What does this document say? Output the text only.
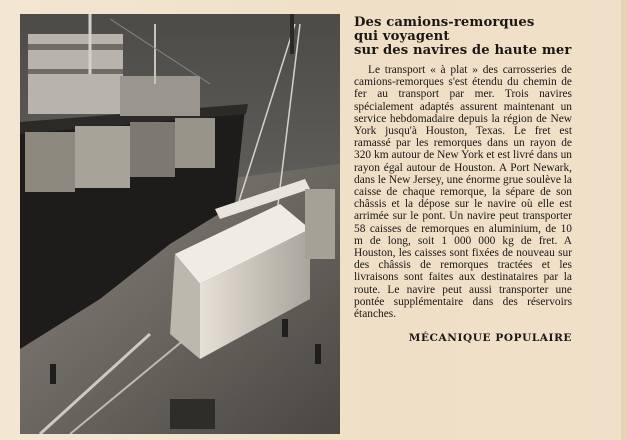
Des camions-remorques
qui voyagent
sur des navires de haute mer

Le transport « à plat » des carrosseries de camions-remorques s'est étendu du chemin de fer au transport par mer. Trois navires spécialement adaptés assurent maintenant un service hebdomadaire depuis la région de New York jusqu'à Houston, Texas. Le fret est ramassé par les remorques dans un rayon de 320 km autour de New York et est livré dans un rayon égal autour de Houston. A Port Newark, dans le New Jersey, une énorme grue soulève la caisse de chaque remorque, la sépare de son châssis et la dépose sur le navire où elle est arrimée sur le pont. Un navire peut transporter 58 caisses de remorques en aluminium, de 10 m de long, soit 1 000 000 kg de fret. A Houston, les caisses sont fixées de nouveau sur des châssis de remorques tractées et les livraisons sont faites aux destinataires par la route. Le navire peut aussi transporter une pontée supplémentaire dans des réservoirs étanches.

MÉCANIQUE POPULAIRE
